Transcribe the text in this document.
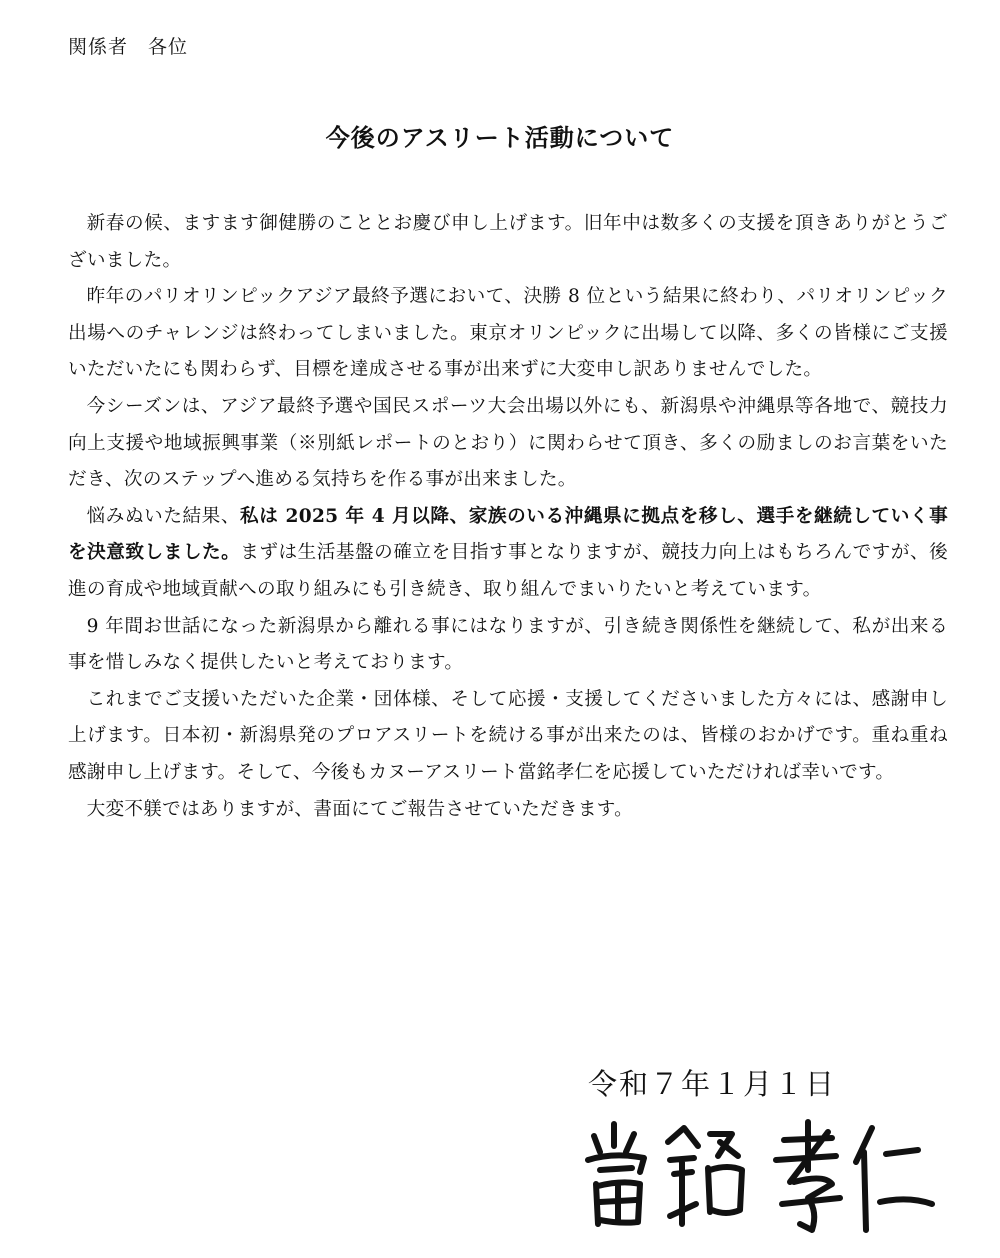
関係者　各位
今後のアスリート活動について

新春の候、ますます御健勝のこととお慶び申し上げます。旧年中は数多くの支援を頂きありがとうございました。

昨年のパリオリンピックアジア最終予選において、決勝 8 位という結果に終わり、パリオリンピック出場へのチャレンジは終わってしまいました。東京オリンピックに出場して以降、多くの皆様にご支援いただいたにも関わらず、目標を達成させる事が出来ずに大変申し訳ありませんでした。

今シーズンは、アジア最終予選や国民スポーツ大会出場以外にも、新潟県や沖縄県等各地で、競技力向上支援や地域振興事業（※別紙レポートのとおり）に関わらせて頂き、多くの励ましのお言葉をいただき、次のステップへ進める気持ちを作る事が出来ました。

悩みぬいた結果、私は 2025 年 4 月以降、家族のいる沖縄県に拠点を移し、選手を継続していく事を決意致しました。まずは生活基盤の確立を目指す事となりますが、競技力向上はもちろんですが、後進の育成や地域貢献への取り組みにも引き続き、取り組んでまいりたいと考えています。

9 年間お世話になった新潟県から離れる事にはなりますが、引き続き関係性を継続して、私が出来る事を惜しみなく提供したいと考えております。

これまでご支援いただいた企業・団体様、そして応援・支援してくださいました方々には、感謝申し上げます。日本初・新潟県発のプロアスリートを続ける事が出来たのは、皆様のおかげです。重ね重ね感謝申し上げます。そして、今後もカヌーアスリート當銘孝仁を応援していただければ幸いです。

大変不躾ではありますが、書面にてご報告させていただきます。

令和７年１月１日
